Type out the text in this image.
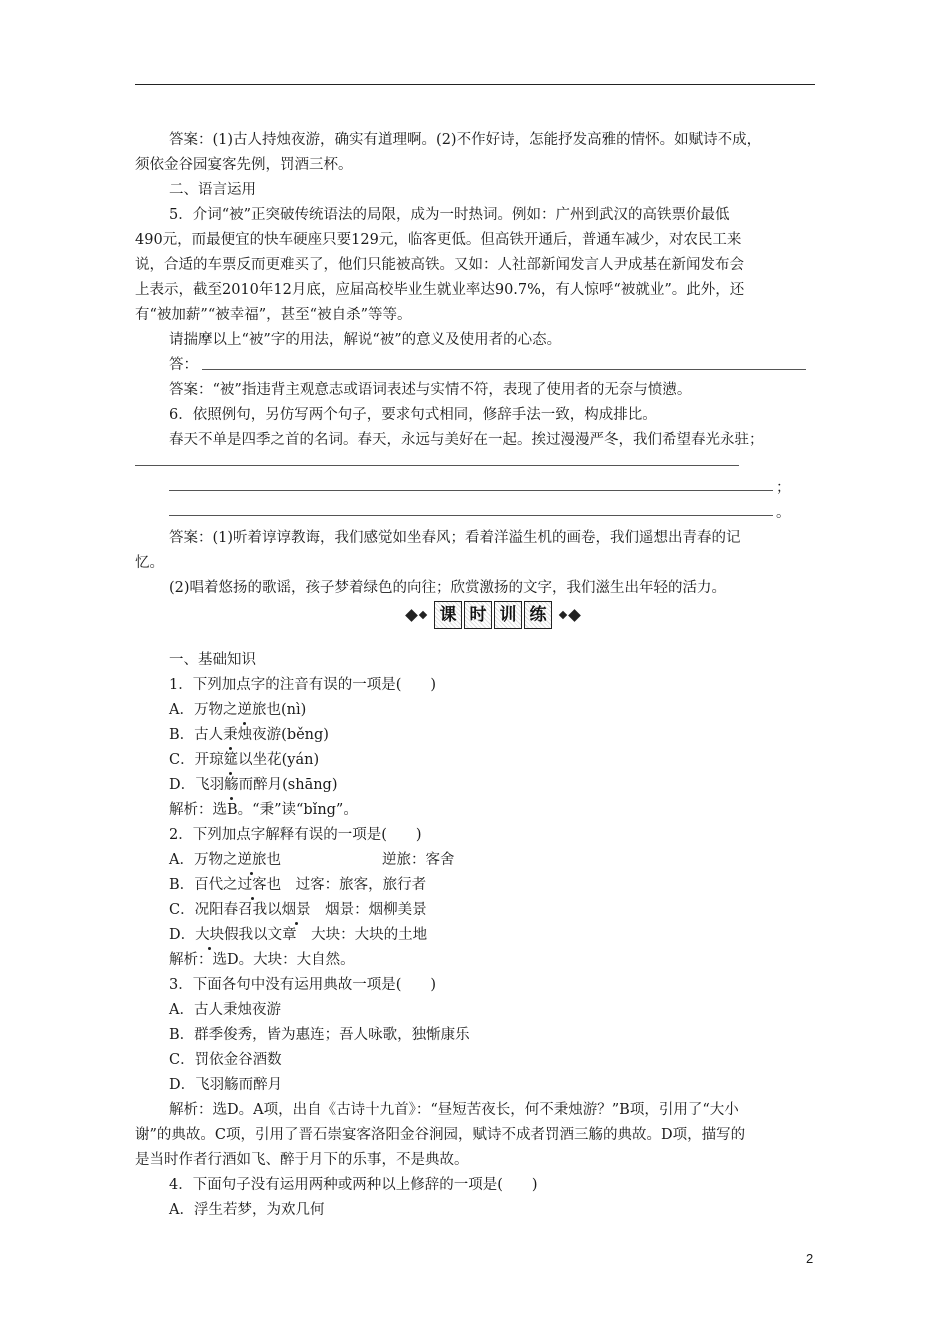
答案：(1)古人持烛夜游，确实有道理啊。(2)不作好诗，怎能抒发高雅的情怀。如赋诗不成，
须依金谷园宴客先例，罚酒三杯。
二、语言运用
5．介词“被”正突破传统语法的局限，成为一时热词。例如：广州到武汉的高铁票价最低
490元，而最便宜的快车硬座只要129元，临客更低。但高铁开通后，普通车减少，对农民工来
说，合适的车票反而更难买了，他们只能被高铁。又如：人社部新闻发言人尹成基在新闻发布会
上表示，截至2010年12月底，应届高校毕业生就业率达90.7%，有人惊呼“被就业”。此外，还
有“被加薪”“被幸福”，甚至“被自杀”等等。
请揣摩以上“被”字的用法，解说“被”的意义及使用者的心态。
答：
答案：“被”指违背主观意志或语词表述与实情不符，表现了使用者的无奈与愤懑。
6．依照例句，另仿写两个句子，要求句式相同，修辞手法一致，构成排比。
春天不单是四季之首的名词。春天，永远与美好在一起。挨过漫漫严冬，我们希望春光永驻；
；
。
答案：(1)听着谆谆教诲，我们感觉如坐春风；看着洋溢生机的画卷，我们遥想出青春的记
忆。
(2)唱着悠扬的歌谣，孩子梦着绿色的向往；欣赏激扬的文字，我们滋生出年轻的活力。
课 时 训 练
一、基础知识
1．下列加点字的注音有误的一项是(　　)
A．万物之逆旅也(nì)
B．古人秉烛夜游(běng)
C．开琼筵以坐花(yán)
D．飞羽觞而醉月(shāng)
解析：选B。“秉”读“bǐng”。
2．下列加点字解释有误的一项是(　　)
A．万物之逆旅也	逆旅：客舍
B．百代之过客也　过客：旅客，旅行者
C．况阳春召我以烟景　烟景：烟柳美景
D．大块假我以文章　大块：大块的土地
解析：选D。大块：大自然。
3．下面各句中没有运用典故一项是(　　)
A．古人秉烛夜游
B．群季俊秀，皆为惠连；吾人咏歌，独惭康乐
C．罚依金谷酒数
D．飞羽觞而醉月
解析：选D。A项，出自《古诗十九首》：“昼短苦夜长，何不秉烛游？”B项，引用了“大小
谢”的典故。C项，引用了晋石崇宴客洛阳金谷涧园，赋诗不成者罚酒三觞的典故。D项，描写的
是当时作者行酒如飞、醉于月下的乐事，不是典故。
4．下面句子没有运用两种或两种以上修辞的一项是(　　)
A．浮生若梦，为欢几何
2
